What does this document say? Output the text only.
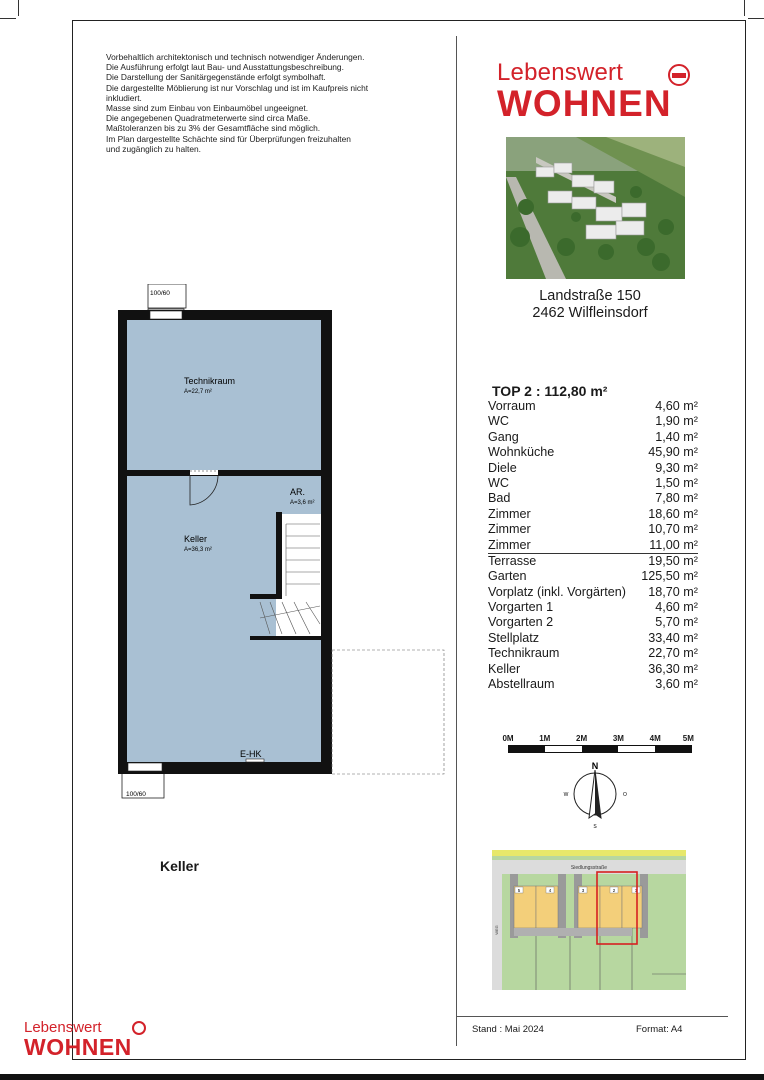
Vorbehaltlich architektonisch und technisch notwendiger Änderungen.
Die Ausführung erfolgt laut Bau- und Ausstattungsbeschreibung.
Die Darstellung der Sanitärgegenstände erfolgt symbolhaft.
Die dargestellte Möblierung ist nur Vorschlag und ist im Kaufpreis nicht
inkludiert.
Masse sind zum Einbau von Einbaumöbel ungeeignet.
Die angegebenen Quadratmeterwerte sind circa Maße.
Maßtoleranzen bis zu 3% der Gesamtfläche sind möglich.
Im Plan dargestellte Schächte sind für Überprüfungen freizuhalten
und zugänglich zu halten.
Lebenswert
WOHNEN
Landstraße 150
2462 Wilfleinsdorf
TOP 2 : 112,80 m²
Vorraum	4,60 m²
WC	1,90 m²
Gang	1,40 m²
Wohnküche	45,90 m²
Diele	9,30 m²
WC	1,50 m²
Bad	7,80 m²
Zimmer	18,60 m²
Zimmer	10,70 m²
Zimmer	11,00 m²
Terrasse	19,50 m²
Garten	125,50 m²
Vorplatz (inkl. Vorgärten) 18,70 m²
Vorgarten 1	4,60 m²
Vorgarten 2	5,70 m²
Stellplatz	33,40 m²
Technikraum	22,70 m²
Keller	36,30 m²
Abstellraum	3,60 m²
0M	1M	2M	3M	4M	5M
N
S
W	O
Siedlungsstraße
WEG
5	4	3	2	1
100/60
100/60
Technikraum
A=22,7 m²
Keller
A=36,3 m²
AR.
A=3,6 m²
E-HK
Keller
Lebenswert
WOHNEN
Stand : Mai 2024	Format: A4
